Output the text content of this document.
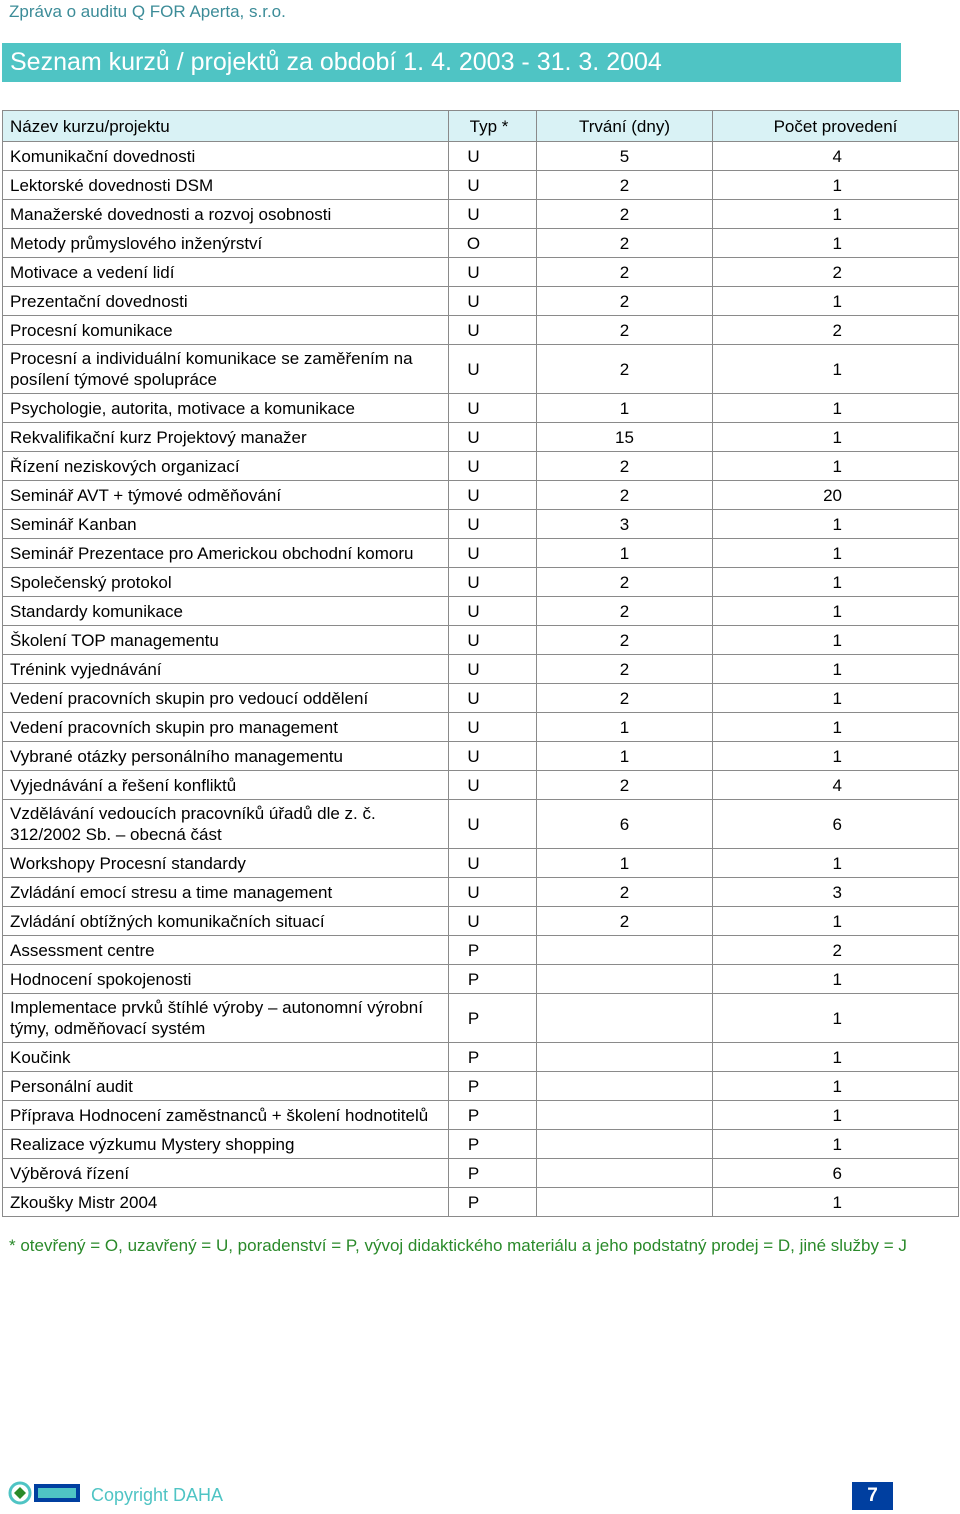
Zpráva o auditu Q FOR Aperta, s.r.o.
Seznam kurzů / projektů za období 1. 4. 2003 - 31. 3. 2004
Název kurzu/projektu	Typ *	Trvání (dny)	Počet provedení
Komunikační dovednosti	U	5	4
Lektorské dovednosti DSM	U	2	1
Manažerské dovednosti a rozvoj osobnosti	U	2	1
Metody průmyslového inženýrství	O	2	1
Motivace a vedení lidí	U	2	2
Prezentační dovednosti	U	2	1
Procesní komunikace	U	2	2
Procesní a individuální komunikace se zaměřením na posílení týmové spolupráce	U	2	1
Psychologie, autorita, motivace a komunikace	U	1	1
Rekvalifikační kurz Projektový manažer	U	15	1
Řízení neziskových organizací	U	2	1
Seminář AVT + týmové odměňování	U	2	20
Seminář Kanban	U	3	1
Seminář Prezentace pro Americkou obchodní komoru	U	1	1
Společenský protokol	U	2	1
Standardy komunikace	U	2	1
Školení TOP managementu	U	2	1
Trénink vyjednávání	U	2	1
Vedení pracovních skupin pro vedoucí oddělení	U	2	1
Vedení pracovních skupin pro management	U	1	1
Vybrané otázky personálního managementu	U	1	1
Vyjednávání a řešení konfliktů	U	2	4
Vzdělávání vedoucích pracovníků úřadů dle z. č. 312/2002 Sb. – obecná část	U	6	6
Workshopy Procesní standardy	U	1	1
Zvládání emocí stresu a time management	U	2	3
Zvládání obtížných komunikačních situací	U	2	1
Assessment centre	P		2
Hodnocení spokojenosti	P		1
Implementace prvků štíhlé výroby – autonomní výrobní týmy, odměňovací systém	P		1
Koučink	P		1
Personální audit	P		1
Příprava Hodnocení zaměstnanců + školení hodnotitelů	P		1
Realizace výzkumu Mystery shopping	P		1
Výběrová řízení	P		6
Zkoušky Mistr 2004	P		1
* otevřený = O, uzavřený = U, poradenství = P, vývoj didaktického materiálu a jeho podstatný prodej = D, jiné služby = J
Copyright DAHA	7
